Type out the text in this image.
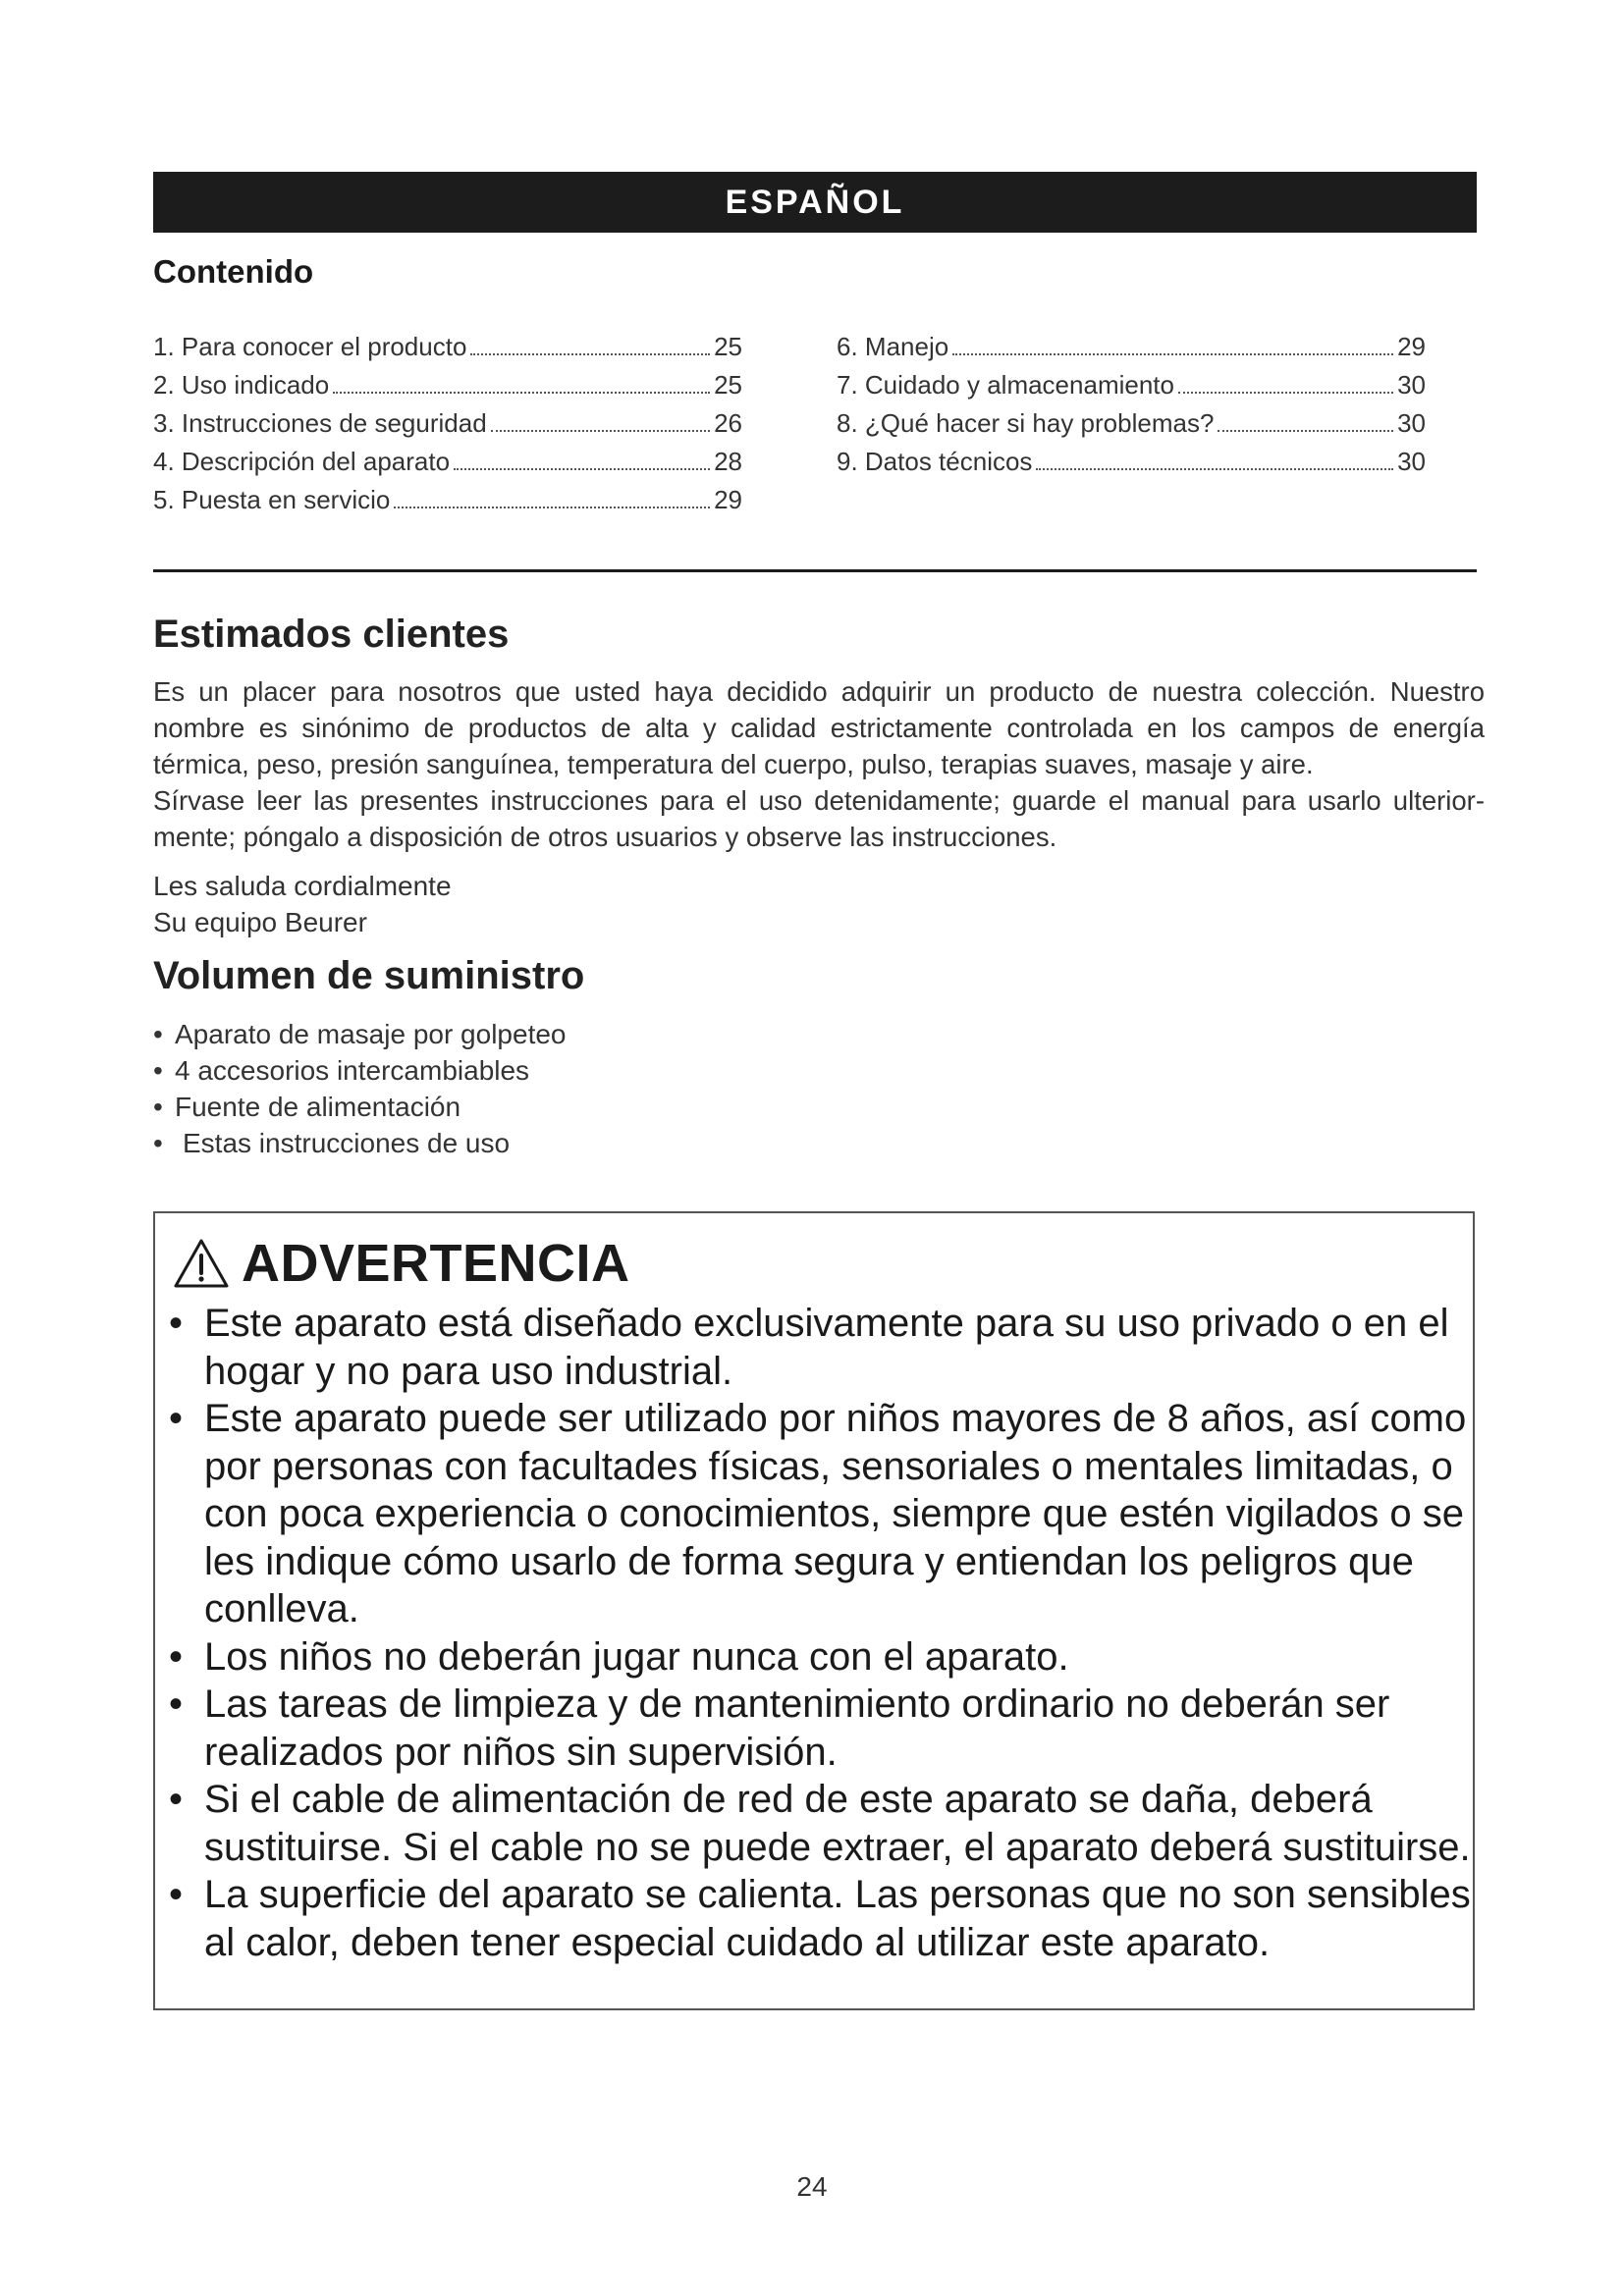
ESPAÑOL
Contenido
1. Para conocer el producto	25
2. Uso indicado	25
3. Instrucciones de seguridad	26
4. Descripción del aparato	28
5. Puesta en servicio	29
6. Manejo	29
7. Cuidado y almacenamiento	30
8. ¿Qué hacer si hay problemas?	30
9. Datos técnicos	30
Estimados clientes

Es un placer para nosotros que usted haya decidido adquirir un producto de nuestra colección. Nuestro nombre es sinónimo de productos de alta y calidad estrictamente controlada en los campos de energía térmica, peso, presión sanguínea, temperatura del cuerpo, pulso, terapias suaves, masaje y aire.

Sírvase leer las presentes instrucciones para el uso detenidamente; guarde el manual para usarlo ulterior-mente; póngalo a disposición de otros usuarios y observe las instrucciones.

Les saluda cordialmente
Su equipo Beurer
Volumen de suministro
• Aparato de masaje por golpeteo
• 4 accesorios intercambiables
• Fuente de alimentación
• Estas instrucciones de uso
ADVERTENCIA
• Este aparato está diseñado exclusivamente para su uso privado o en el hogar y no para uso industrial.
• Este aparato puede ser utilizado por niños mayores de 8 años, así como por personas con facultades físicas, sensoriales o mentales limitadas, o con poca experiencia o conocimientos, siempre que estén vigilados o se les indique cómo usarlo de forma segura y entiendan los peligros que conlleva.
• Los niños no deberán jugar nunca con el aparato.
• Las tareas de limpieza y de mantenimiento ordinario no deberán ser realizados por niños sin supervisión.
• Si el cable de alimentación de red de este aparato se daña, deberá sustituirse. Si el cable no se puede extraer, el aparato deberá sustituirse.
• La superficie del aparato se calienta. Las personas que no son sensibles al calor, deben tener especial cuidado al utilizar este aparato.
24
